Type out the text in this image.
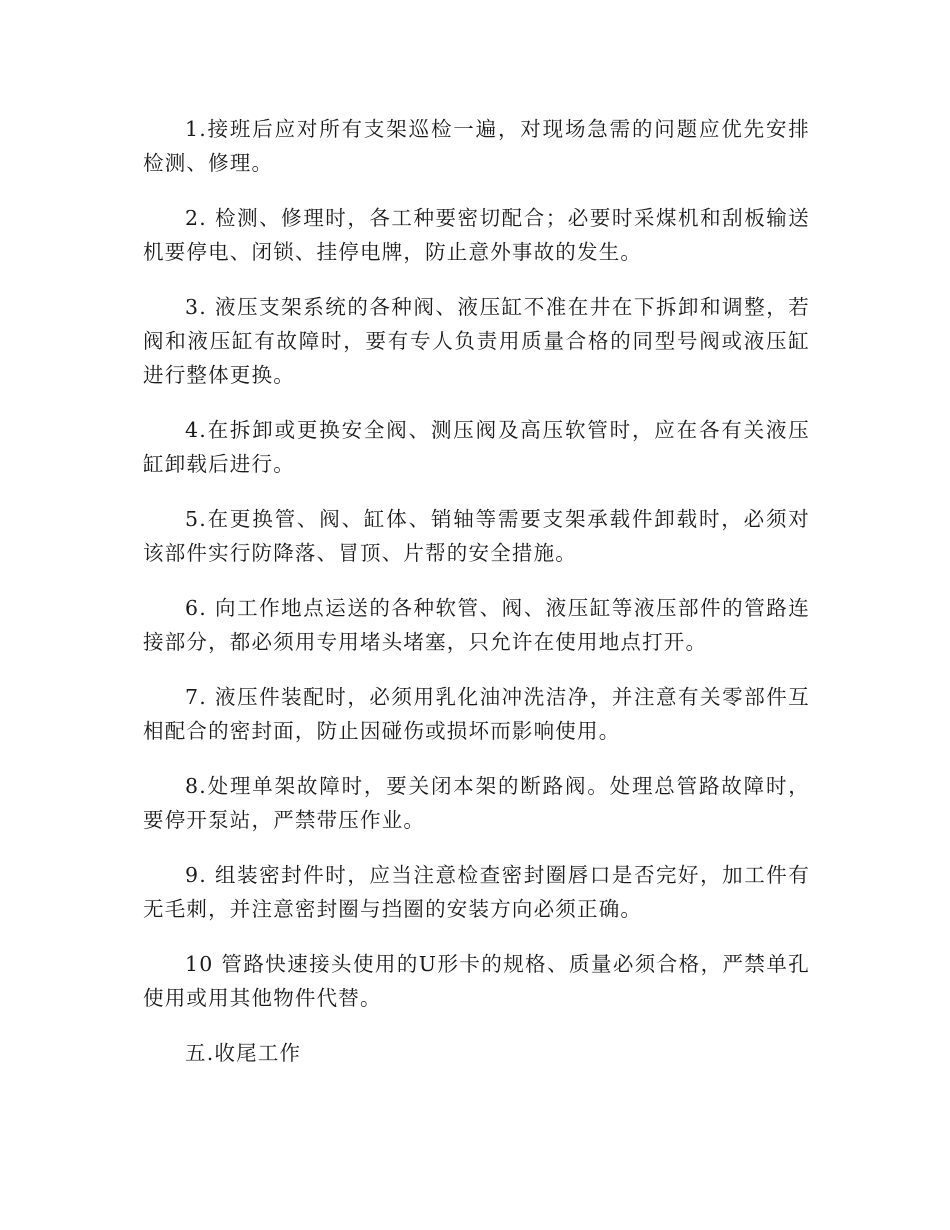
1.接班后应对所有支架巡检一遍，对现场急需的问题应优先安排检测、修理。

2. 检测、修理时，各工种要密切配合；必要时采煤机和刮板输送机要停电、闭锁、挂停电牌，防止意外事故的发生。

3. 液压支架系统的各种阀、液压缸不准在井在下拆卸和调整，若阀和液压缸有故障时，要有专人负责用质量合格的同型号阀或液压缸进行整体更换。

4.在拆卸或更换安全阀、测压阀及高压软管时，应在各有关液压缸卸载后进行。

5.在更换管、阀、缸体、销轴等需要支架承载件卸载时，必须对该部件实行防降落、冒顶、片帮的安全措施。

6. 向工作地点运送的各种软管、阀、液压缸等液压部件的管路连接部分，都必须用专用堵头堵塞，只允许在使用地点打开。

7. 液压件装配时，必须用乳化油冲洗洁净，并注意有关零部件互相配合的密封面，防止因碰伤或损坏而影响使用。

8.处理单架故障时，要关闭本架的断路阀。处理总管路故障时，要停开泵站，严禁带压作业。

9. 组装密封件时，应当注意检查密封圈唇口是否完好，加工件有无毛刺，并注意密封圈与挡圈的安装方向必须正确。

10 管路快速接头使用的U形卡的规格、质量必须合格，严禁单孔使用或用其他物件代替。

五.收尾工作
